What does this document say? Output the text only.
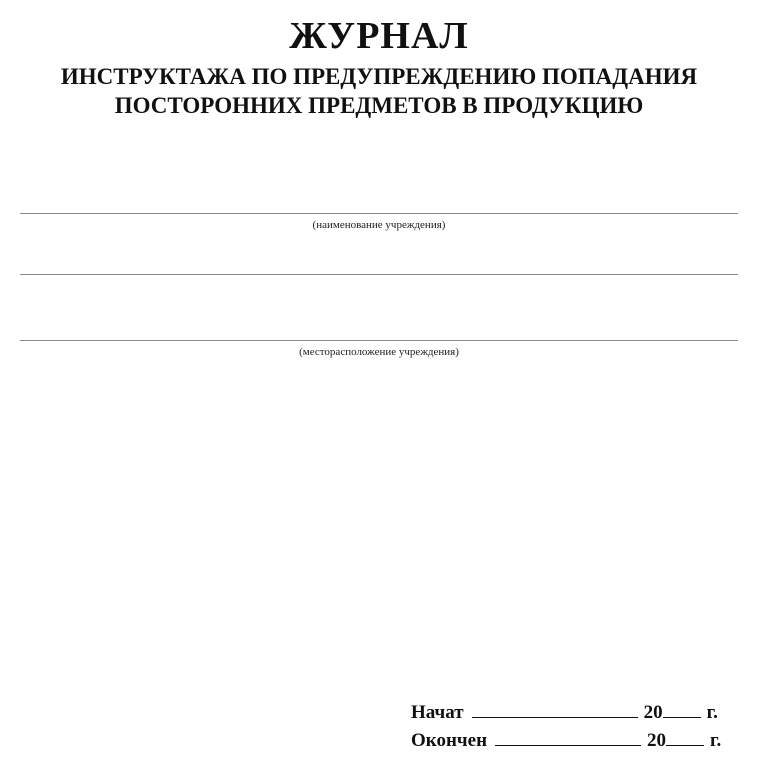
ЖУРНАЛ
ИНСТРУКТАЖА ПО ПРЕДУПРЕЖДЕНИЮ ПОПАДАНИЯ
ПОСТОРОННИХ ПРЕДМЕТОВ В ПРОДУКЦИЮ
(наименование учреждения)
(месторасположение учреждения)
Начат	20 г.
Окончен	20 г.
